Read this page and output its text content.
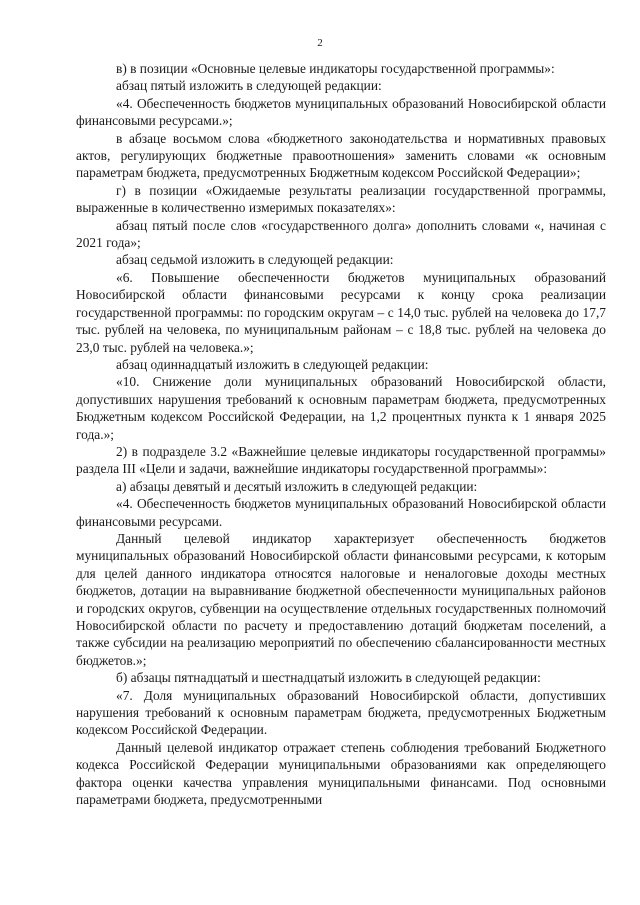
2

в) в позиции «Основные целевые индикаторы государственной программы»:

абзац пятый изложить в следующей редакции:

«4. Обеспеченность бюджетов муниципальных образований Новосибирской области финансовыми ресурсами.»;

в абзаце восьмом слова «бюджетного законодательства и нормативных правовых актов, регулирующих бюджетные правоотношения» заменить словами «к основным параметрам бюджета, предусмотренных Бюджетным кодексом Российской Федерации»;

г) в позиции «Ожидаемые результаты реализации государственной программы, выраженные в количественно измеримых показателях»:

абзац пятый после слов «государственного долга» дополнить словами «, начиная с 2021 года»;

абзац седьмой изложить в следующей редакции:

«6. Повышение обеспеченности бюджетов муниципальных образований Новосибирской области финансовыми ресурсами к концу срока реализации государственной программы: по городским округам – с 14,0 тыс. рублей на человека до 17,7 тыс. рублей на человека, по муниципальным районам – с 18,8 тыс. рублей на человека до 23,0 тыс. рублей на человека.»;

абзац одиннадцатый изложить в следующей редакции:

«10. Снижение доли муниципальных образований Новосибирской области, допустивших нарушения требований к основным параметрам бюджета, предусмотренных Бюджетным кодексом Российской Федерации, на 1,2 процентных пункта к 1 января 2025 года.»;

2) в подразделе 3.2 «Важнейшие целевые индикаторы государственной программы» раздела III «Цели и задачи, важнейшие индикаторы государственной программы»:

а) абзацы девятый и десятый изложить в следующей редакции:

«4. Обеспеченность бюджетов муниципальных образований Новосибирской области финансовыми ресурсами.

Данный целевой индикатор характеризует обеспеченность бюджетов муниципальных образований Новосибирской области финансовыми ресурсами, к которым для целей данного индикатора относятся налоговые и неналоговые доходы местных бюджетов, дотации на выравнивание бюджетной обеспеченности муниципальных районов и городских округов, субвенции на осуществление отдельных государственных полномочий Новосибирской области по расчету и предоставлению дотаций бюджетам поселений, а также субсидии на реализацию мероприятий по обеспечению сбалансированности местных бюджетов.»;

б) абзацы пятнадцатый и шестнадцатый изложить в следующей редакции:

«7. Доля муниципальных образований Новосибирской области, допустивших нарушения требований к основным параметрам бюджета, предусмотренных Бюджетным кодексом Российской Федерации.

Данный целевой индикатор отражает степень соблюдения требований Бюджетного кодекса Российской Федерации муниципальными образованиями как определяющего фактора оценки качества управления муниципальными финансами. Под основными параметрами бюджета, предусмотренными
